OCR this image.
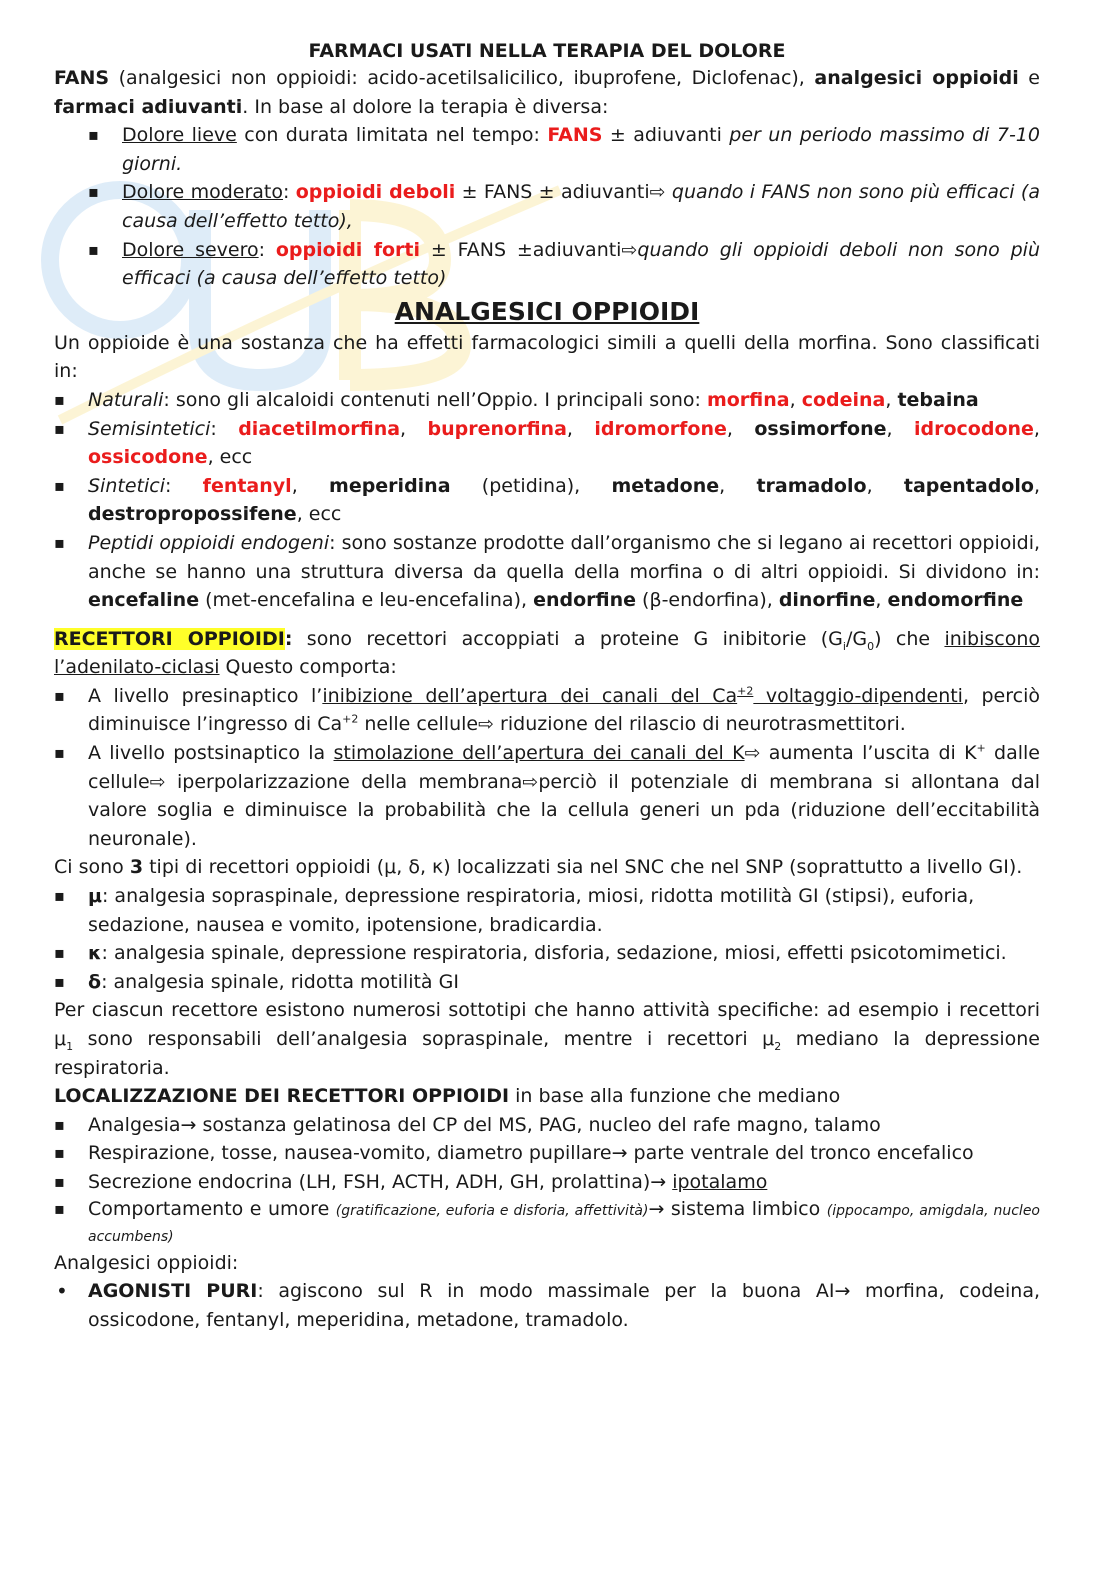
FARMACI USATI NELLA TERAPIA DEL DOLORE

FANS (analgesici non oppioidi: acido-acetilsalicilico, ibuprofene, Diclofenac), analgesici oppioidi e farmaci adiuvanti. In base al dolore la terapia è diversa:

▪ Dolore lieve con durata limitata nel tempo: FANS ± adiuvanti per un periodo massimo di 7-10 giorni.
▪ Dolore moderato: oppioidi deboli ± FANS ± adiuvanti⇨ quando i FANS non sono più efficaci (a causa dell’effetto tetto),
▪ Dolore severo: oppioidi forti ± FANS ±adiuvanti⇨quando gli oppioidi deboli non sono più efficaci (a causa dell’effetto tetto)

ANALGESICI OPPIOIDI

Un oppioide è una sostanza che ha effetti farmacologici simili a quelli della morfina. Sono classificati in:

▪ Naturali: sono gli alcaloidi contenuti nell’Oppio. I principali sono: morfina, codeina, tebaina
▪ Semisintetici: diacetilmorfina, buprenorfina, idromorfone, ossimorfone, idrocodone, ossicodone, ecc
▪ Sintetici: fentanyl, meperidina (petidina), metadone, tramadolo, tapentadolo, destropropossifene, ecc
▪ Peptidi oppioidi endogeni: sono sostanze prodotte dall’organismo che si legano ai recettori oppioidi, anche se hanno una struttura diversa da quella della morfina o di altri oppioidi. Si dividono in: encefaline (met-encefalina e leu-encefalina), endorfine (β-endorfina), dinorfine, endomorfine

RECETTORI OPPIOIDI: sono recettori accoppiati a proteine G inibitorie $(G_i/G_0)$ che inibiscono l’adenilato-ciclasi Questo comporta:

▪ A livello presinaptico l’inibizione dell’apertura dei canali del $Ca^{+2}$ voltaggio-dipendenti, perciò diminuisce l’ingresso di $Ca^{+2}$ nelle cellule⇨ riduzione del rilascio di neurotrasmettitori.
▪ A livello postsinaptico la stimolazione dell’apertura dei canali del K⇨ aumenta l’uscita di K+ dalle cellule⇨ iperpolarizzazione della membrana⇨perciò il potenziale di membrana si allontana dal valore soglia e diminuisce la probabilità che la cellula generi un pda (riduzione dell’eccitabilità neuronale).

Ci sono 3 tipi di recettori oppioidi (μ, δ, κ) localizzati sia nel SNC che nel SNP (soprattutto a livello GI).

▪ μ: analgesia sopraspinale, depressione respiratoria, miosi, ridotta motilità GI (stipsi), euforia, sedazione, nausea e vomito, ipotensione, bradicardia.
▪ κ: analgesia spinale, depressione respiratoria, disforia, sedazione, miosi, effetti psicotomimetici.
▪ δ: analgesia spinale, ridotta motilità GI

Per ciascun recettore esistono numerosi sottotipi che hanno attività specifiche: ad esempio i recettori $\mu_1$ sono responsabili dell’analgesia sopraspinale, mentre i recettori $\mu_2$ mediano la depressione respiratoria.

LOCALIZZAZIONE DEI RECETTORI OPPIOIDI in base alla funzione che mediano

▪ Analgesia→ sostanza gelatinosa del CP del MS, PAG, nucleo del rafe magno, talamo
▪ Respirazione, tosse, nausea-vomito, diametro pupillare→ parte ventrale del tronco encefalico
▪ Secrezione endocrina (LH, FSH, ACTH, ADH, GH, prolattina)→ ipotalamo
▪ Comportamento e umore (gratificazione, euforia e disforia, affettività)→ sistema limbico (ippocampo, amigdala, nucleo accumbens)

Analgesici oppioidi:

• AGONISTI PURI: agiscono sul R in modo massimale per la buona AI→ morfina, codeina, ossicodone, fentanyl, meperidina, metadone, tramadolo.
